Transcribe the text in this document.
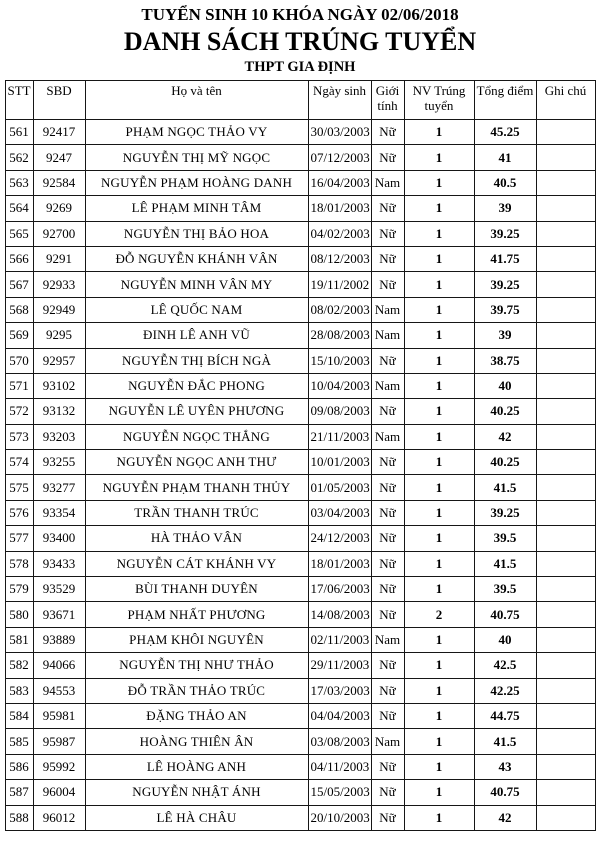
TUYỂN SINH 10 KHÓA NGÀY 02/06/2018

DANH SÁCH TRÚNG TUYỂN

THPT GIA ĐỊNH

STT	SBD	Họ và tên	Ngày sinh	Giới tính	NV Trúng tuyển	Tổng điểm	Ghi chú
561	92417	PHẠM NGỌC THẢO VY	30/03/2003	Nữ	1	45.25	
562	9247	NGUYỄN THỊ MỸ NGỌC	07/12/2003	Nữ	1	41	
563	92584	NGUYỄN PHẠM HOÀNG DANH	16/04/2003	Nam	1	40.5	
564	9269	LÊ PHẠM MINH TÂM	18/01/2003	Nữ	1	39	
565	92700	NGUYỄN THỊ BẢO HOA	04/02/2003	Nữ	1	39.25	
566	9291	ĐỖ NGUYỄN KHÁNH VÂN	08/12/2003	Nữ	1	41.75	
567	92933	NGUYỄN MINH VÂN MY	19/11/2002	Nữ	1	39.25	
568	92949	LÊ QUỐC NAM	08/02/2003	Nam	1	39.75	
569	9295	ĐINH LÊ ANH VŨ	28/08/2003	Nam	1	39	
570	92957	NGUYỄN THỊ BÍCH NGÀ	15/10/2003	Nữ	1	38.75	
571	93102	NGUYỄN ĐẮC PHONG	10/04/2003	Nam	1	40	
572	93132	NGUYỄN LÊ UYÊN PHƯƠNG	09/08/2003	Nữ	1	40.25	
573	93203	NGUYỄN NGỌC THẮNG	21/11/2003	Nam	1	42	
574	93255	NGUYỄN NGỌC ANH THƯ	10/01/2003	Nữ	1	40.25	
575	93277	NGUYỄN PHẠM THANH THỦY	01/05/2003	Nữ	1	41.5	
576	93354	TRẦN THANH TRÚC	03/04/2003	Nữ	1	39.25	
577	93400	HÀ THẢO VÂN	24/12/2003	Nữ	1	39.5	
578	93433	NGUYỄN CÁT KHÁNH VY	18/01/2003	Nữ	1	41.5	
579	93529	BÙI THANH DUYÊN	17/06/2003	Nữ	1	39.5	
580	93671	PHẠM NHẤT PHƯƠNG	14/08/2003	Nữ	2	40.75	
581	93889	PHẠM KHÔI NGUYÊN	02/11/2003	Nam	1	40	
582	94066	NGUYỄN THỊ NHƯ THẢO	29/11/2003	Nữ	1	42.5	
583	94553	ĐỖ TRẦN THẢO TRÚC	17/03/2003	Nữ	1	42.25	
584	95981	ĐẶNG THẢO AN	04/04/2003	Nữ	1	44.75	
585	95987	HOÀNG THIÊN ÂN	03/08/2003	Nam	1	41.5	
586	95992	LÊ HOÀNG ANH	04/11/2003	Nữ	1	43	
587	96004	NGUYỄN NHẬT ÁNH	15/05/2003	Nữ	1	40.75	
588	96012	LÊ HÀ CHÂU	20/10/2003	Nữ	1	42	
